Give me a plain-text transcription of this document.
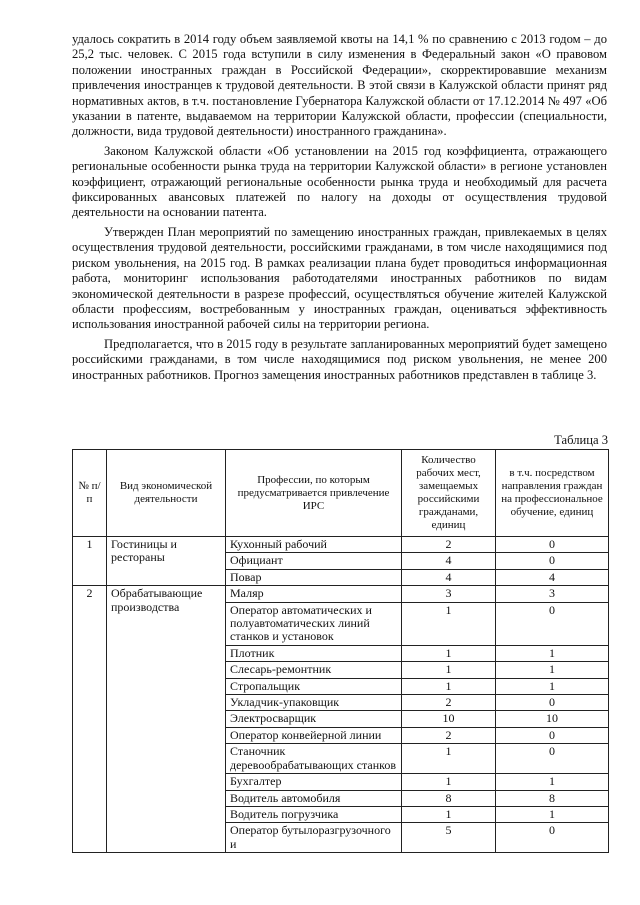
удалось сократить в 2014 году объем заявляемой квоты на 14,1 % по сравнению с 2013 годом – до 25,2 тыс. человек. С 2015 года вступили в силу изменения в Федеральный закон «О правовом положении иностранных граждан в Российской Федерации», скорректировавшие механизм привлечения иностранцев к трудовой деятельности. В этой связи в Калужской области принят ряд нормативных актов, в т.ч. постановление Губернатора Калужской области от 17.12.2014 № 497 «Об указании в патенте, выдаваемом на территории Калужской области, профессии (специальности, должности, вида трудовой деятельности) иностранного гражданина».

Законом Калужской области «Об установлении на 2015 год коэффициента, отражающего региональные особенности рынка труда на территории Калужской области» в регионе установлен коэффициент, отражающий региональные особенности рынка труда и необходимый для расчета фиксированных авансовых платежей по налогу на доходы от осуществления трудовой деятельности на основании патента.

Утвержден План мероприятий по замещению иностранных граждан, привлекаемых в целях осуществления трудовой деятельности, российскими гражданами, в том числе находящимися под риском увольнения, на 2015 год. В рамках реализации плана будет проводиться информационная работа, мониторинг использования работодателями иностранных работников по видам экономической деятельности в разрезе профессий, осуществляться обучение жителей Калужской области профессиям, востребованным у иностранных граждан, оцениваться эффективность использования иностранной рабочей силы на территории региона.

Предполагается, что в 2015 году в результате запланированных мероприятий будет замещено российскими гражданами, в том числе находящимися под риском увольнения, не менее 200 иностранных работников. Прогноз замещения иностранных работников представлен в таблице 3.

Таблица 3
№ п/п	Вид экономической деятельности	Профессии, по которым предусматривается привлечение ИРС	Количество рабочих мест, замещаемых российскими гражданами, единиц	в т.ч. посредством направления граждан на профессиональное обучение, единиц
1	Гостиницы и рестораны	Кухонный рабочий	2	0
		Официант	4	0
		Повар	4	4
2	Обрабатывающие производства	Маляр	3	3
		Оператор автоматических и полуавтоматических линий станков и установок	1	0
		Плотник	1	1
		Слесарь-ремонтник	1	1
		Стропальщик	1	1
		Укладчик-упаковщик	2	0
		Электросварщик	10	10
		Оператор конвейерной линии	2	0
		Станочник деревообрабатывающих станков	1	0
		Бухгалтер	1	1
		Водитель автомобиля	8	8
		Водитель погрузчика	1	1
		Оператор бутылоразгрузочного и	5	0
